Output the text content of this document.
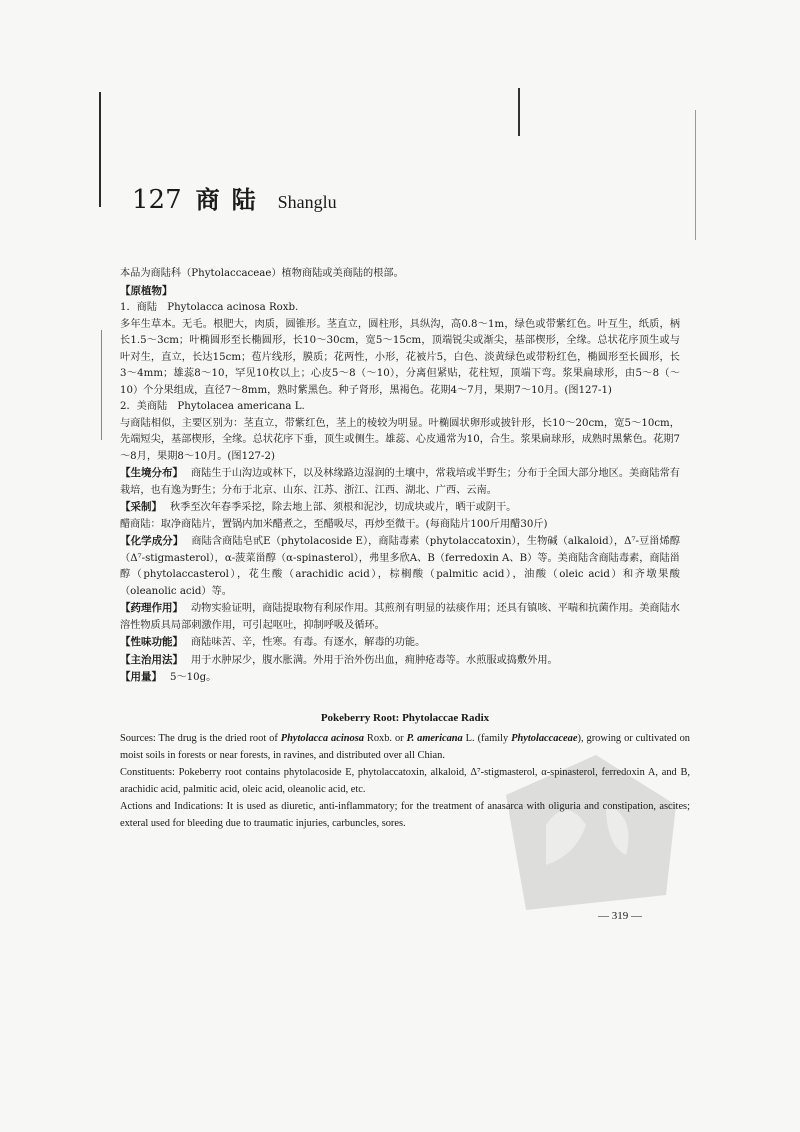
127 商陆 Shanglu

本品为商陆科（Phytolaccaceae）植物商陆或美商陆的根部。

【原植物】

1．商陆　Phytolacca acinosa Roxb.

多年生草本。无毛。根肥大，肉质，圆锥形。茎直立，圆柱形，具纵沟，高0.8～1m，绿色或带紫红色。叶互生，纸质，柄长1.5～3cm；叶椭圆形至长椭圆形，长10～30cm，宽5～15cm，顶端锐尖或渐尖，基部楔形，全缘。总状花序顶生或与叶对生，直立，长达15cm；苞片线形，膜质；花两性，小形，花被片5，白色、淡黄绿色或带粉红色，椭圆形至长圆形，长3～4mm；雄蕊8～10，罕见10枚以上；心皮5～8（～10），分离但紧贴，花柱短，顶端下弯。浆果扁球形，由5～8（～10）个分果组成，直径7～8mm，熟时紫黑色。种子肾形，黑褐色。花期4～7月，果期7～10月。(图127-1)

2．美商陆　Phytolacea americana L.

与商陆相似，主要区别为：茎直立，带紫红色，茎上的棱较为明显。叶椭圆状卵形或披针形，长10～20cm，宽5～10cm，先端短尖，基部楔形，全缘。总状花序下垂，顶生或侧生。雄蕊、心皮通常为10，合生。浆果扁球形，成熟时黑紫色。花期7～8月，果期8～10月。(图127-2)

【生境分布】 商陆生于山沟边或林下，以及林缘路边湿润的土壤中，常栽培或半野生；分布于全国大部分地区。美商陆常有栽培，也有逸为野生；分布于北京、山东、江苏、浙江、江西、湖北、广西、云南。

【采制】 秋季至次年春季采挖，除去地上部、须根和泥沙，切成块或片，晒干或阴干。

醋商陆：取净商陆片，置锅内加米醋煮之，至醋吸尽，再炒至微干。(每商陆片100斤用醋30斤)

【化学成分】 商陆含商陆皂甙E（phytolacoside E），商陆毒素（phytolaccatoxin），生物碱（alkaloid），Δ⁷-豆甾烯醇（Δ⁷-stigmasterol），α-菠菜甾醇（α-spinasterol），弗里多欣A、B（ferredoxin A、B）等。美商陆含商陆毒素，商陆甾醇（phytolaccasterol），花生酸（arachidic acid），棕榈酸（palmitic acid），油酸（oleic acid）和齐墩果酸（oleanolic acid）等。

【药理作用】 动物实验证明，商陆提取物有利尿作用。其煎剂有明显的祛痰作用；还具有镇咳、平喘和抗菌作用。美商陆水溶性物质具局部刺激作用，可引起呕吐，抑制呼吸及循环。

【性味功能】 商陆味苦、辛，性寒。有毒。有逐水，解毒的功能。

【主治用法】 用于水肿尿少，腹水胀满。外用于治外伤出血，痈肿疮毒等。水煎服或捣敷外用。

【用量】 5～10g。

Pokeberry Root: Phytolaccae Radix

Sources: The drug is the dried root of Phytolacca acinosa Roxb. or P. americana L. (family Phytolaccaceae), growing or cultivated on moist soils in forests or near forests, in ravines, and distributed over all Chian.

Constituents: Pokeberry root contains phytolacoside E, phytolaccatoxin, alkaloid, Δ⁷-stigmasterol, α-spinasterol, ferredoxin A, and B, arachidic acid, palmitic acid, oleic acid, oleanolic acid, etc.

Actions and Indications: It is used as diuretic, anti-inflammatory; for the treatment of anasarca with oliguria and constipation, ascites; exteral used for bleeding due to traumatic injuries, carbuncles, sores.

— 319 —
